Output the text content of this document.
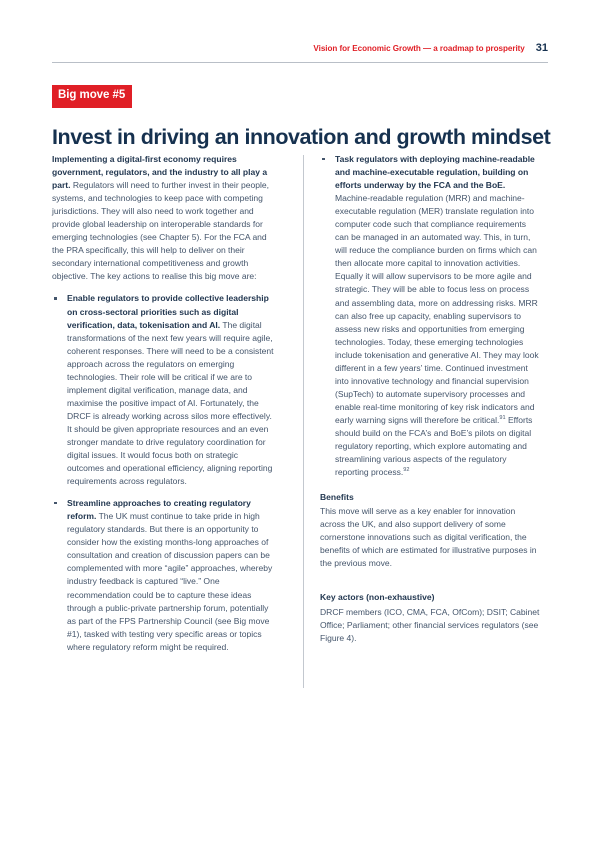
Vision for Economic Growth — a roadmap to prosperity 31
Big move #5
Invest in driving an innovation and growth mindset

Implementing a digital-first economy requires government, regulators, and the industry to all play a part. Regulators will need to further invest in their people, systems, and technologies to keep pace with competing jurisdictions. They will also need to work together and provide global leadership on interoperable standards for emerging technologies (see Chapter 5). For the FCA and the PRA specifically, this will help to deliver on their secondary international competitiveness and growth objective. The key actions to realise this big move are:

Enable regulators to provide collective leadership on cross-sectoral priorities such as digital verification, data, tokenisation and AI. The digital transformations of the next few years will require agile, coherent responses. There will need to be a consistent approach across the regulators on emerging technologies. Their role will be critical if we are to implement digital verification, manage data, and maximise the positive impact of AI. Fortunately, the DRCF is already working across silos more effectively. It should be given appropriate resources and an even stronger mandate to drive regulatory coordination for digital issues. It would focus both on strategic outcomes and operational efficiency, aligning reporting requirements across regulators.
Streamline approaches to creating regulatory reform. The UK must continue to take pride in high regulatory standards. But there is an opportunity to consider how the existing months-long approaches of consultation and creation of discussion papers can be complemented with more “agile” approaches, whereby industry feedback is captured “live.” One recommendation could be to capture these ideas through a public-private partnership forum, potentially as part of the FPS Partnership Council (see Big move #1), tasked with testing very specific areas or topics where regulatory reform might be required.
Task regulators with deploying machine-readable and machine-executable regulation, building on efforts underway by the FCA and the BoE. Machine-readable regulation (MRR) and machine-executable regulation (MER) translate regulation into computer code such that compliance requirements can be managed in an automated way. This, in turn, will reduce the compliance burden on firms which can then allocate more capital to innovation activities. Equally it will allow supervisors to be more agile and strategic. They will be able to focus less on process and assembling data, more on addressing risks. MRR can also free up capacity, enabling supervisors to assess new risks and opportunities from emerging technologies. Today, these emerging technologies include tokenisation and generative AI. They may look different in a few years’ time. Continued investment into innovative technology and financial supervision (SupTech) to automate supervisory processes and enable real-time monitoring of key risk indicators and early warning signs will therefore be critical.$^{91}$ Efforts should build on the FCA’s and BoE’s pilots on digital regulatory reporting, which explore automating and streamlining various aspects of the regulatory reporting process.$^{92}$

Benefits

This move will serve as a key enabler for innovation across the UK, and also support delivery of some cornerstone innovations such as digital verification, the benefits of which are estimated for illustrative purposes in the previous move.

Key actors (non-exhaustive)

DRCF members (ICO, CMA, FCA, OfCom); DSIT; Cabinet Office; Parliament; other financial services regulators (see Figure 4).
